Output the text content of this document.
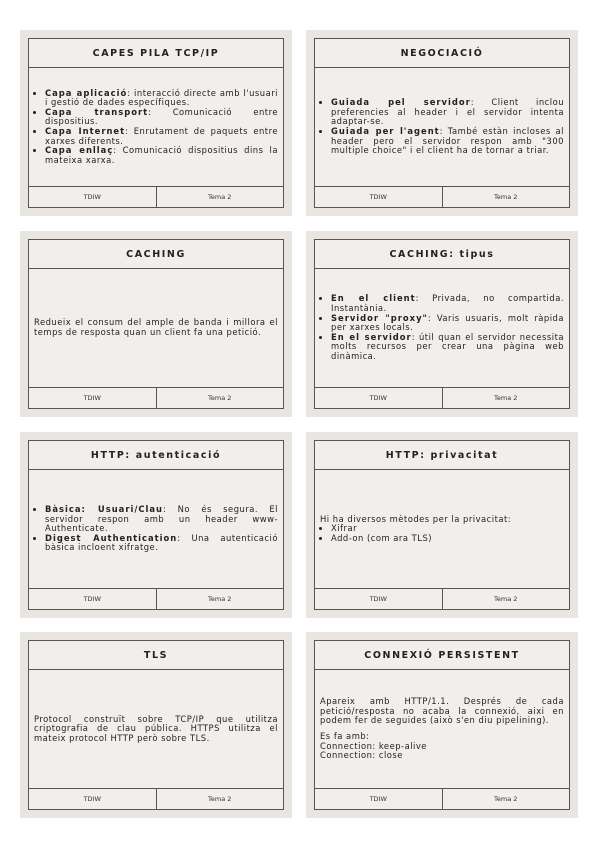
CAPES PILA TCP/IP
• Capa aplicació: interacció directe amb l'usuari i gestió de dades específiques.
• Capa transport: Comunicació entre dispositius.
• Capa Internet: Enrutament de paquets entre xarxes diferents.
• Capa enllaç: Comunicació dispositius dins la mateixa xarxa.
TDIW	Tema 2
NEGOCIACIÓ
• Guiada pel servidor: Client inclou preferencies al header i el servidor intenta adaptar-se.
• Guiada per l'agent: També estàn incloses al header pero el servidor respon amb "300 multiple choice" i el client ha de tornar a triar.
TDIW	Tema 2
CACHING

Redueix el consum del ample de banda i millora el temps de resposta quan un client fa una petició.

TDIW	Tema 2
CACHING: tipus
• En el client: Privada, no compartida. Instantània.
• Servidor "proxy": Varis usuaris, molt ràpida per xarxes locals.
• En el servidor: útil quan el servidor necessita molts recursos per crear una pàgina web dinàmica.
TDIW	Tema 2
HTTP: autenticació
• Bàsica: Usuari/Clau: No és segura. El servidor respon amb un header www-Authenticate.
• Digest Authentication: Una autenticació bàsica incloent xifratge.
TDIW	Tema 2
HTTP: privacitat

Hi ha diversos mètodes per la privacitat:

• Xifrar
• Add-on (com ara TLS)
TDIW	Tema 2
TLS

Protocol construït sobre TCP/IP que utilitza criptografia de clau pública. HTTPS utilitza el mateix protocol HTTP però sobre TLS.

TDIW	Tema 2
CONNEXIÓ PERSISTENT

Apareix amb HTTP/1.1. Després de cada petició/resposta no acaba la connexió, aixi en podem fer de seguides (això s'en diu pipelining).

Es fa amb:
Connection: keep-alive
Connection: close
TDIW	Tema 2
